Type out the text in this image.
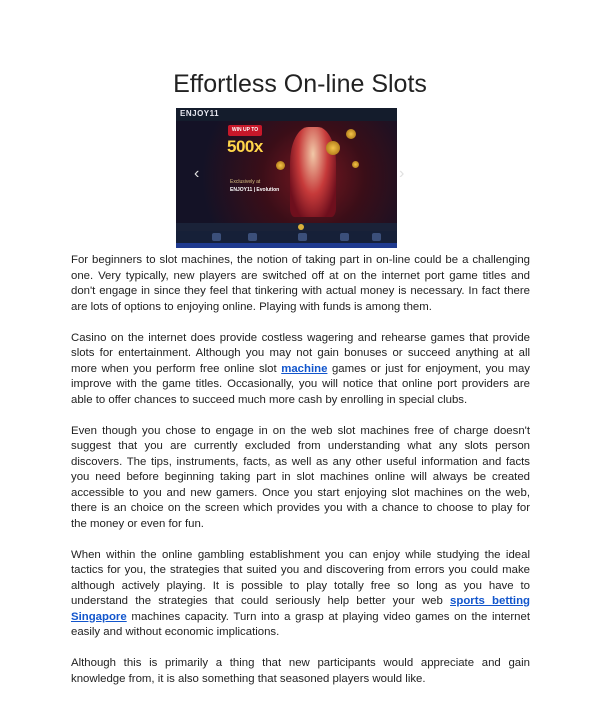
Effortless On-line Slots
ENJOY11
WIN UP TO
500x
Exclusively at
ENJOY11 | Evolution
‹	›

For beginners to slot machines, the notion of taking part in on-line could be a challenging one. Very typically, new players are switched off at on the internet port game titles and don't engage in since they feel that tinkering with actual money is necessary. In fact there are lots of options to enjoying online. Playing with funds is among them.

Casino on the internet does provide costless wagering and rehearse games that provide slots for entertainment. Although you may not gain bonuses or succeed anything at all more when you perform free online slot machine games or just for enjoyment, you may improve with the game titles. Occasionally, you will notice that online port providers are able to offer chances to succeed much more cash by enrolling in special clubs.

Even though you chose to engage in on the web slot machines free of charge doesn't suggest that you are currently excluded from understanding what any slots person discovers. The tips, instruments, facts, as well as any other useful information and facts you need before beginning taking part in slot machines online will always be created accessible to you and new gamers. Once you start enjoying slot machines on the web, there is an choice on the screen which provides you with a chance to choose to play for the money or even for fun.

When within the online gambling establishment you can enjoy while studying the ideal tactics for you, the strategies that suited you and discovering from errors you could make although actively playing. It is possible to play totally free so long as you have to understand the strategies that could seriously help better your web sports betting Singapore machines capacity. Turn into a grasp at playing video games on the internet easily and without economic implications.

Although this is primarily a thing that new participants would appreciate and gain knowledge from, it is also something that seasoned players would like.
